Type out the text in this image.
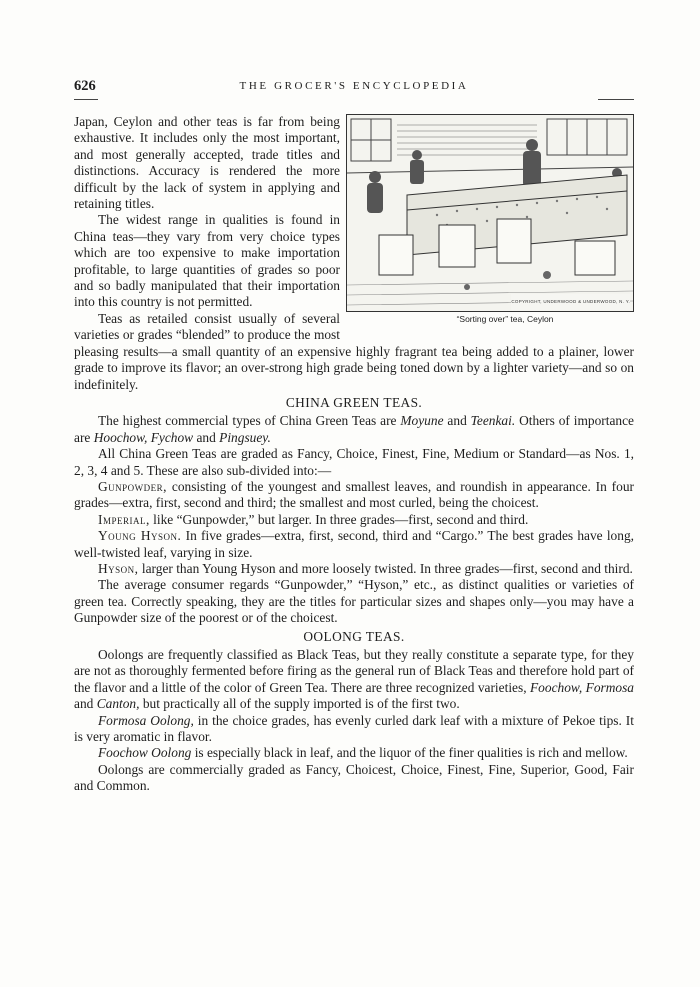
626	THE GROCER'S ENCYCLOPEDIA
COPYRIGHT, UNDERWOOD & UNDERWOOD, N. Y.
“Sorting over” tea, Ceylon

Japan, Ceylon and other teas is far from being exhaustive. It includes only the most important, and most generally accepted, trade titles and distinctions. Accuracy is rendered the more difficult by the lack of system in applying and retaining titles.

The widest range in qualities is found in China teas—they vary from very choice types which are too expensive to make importation profitable, to large quantities of grades so poor and so badly manipulated that their importation into this country is not permitted.

Teas as retailed consist usually of several varieties or grades “blended” to produce the most pleasing results—a small quantity of an expensive highly fragrant tea being added to a plainer, lower grade to improve its flavor; an over-strong high grade being toned down by a lighter variety—and so on indefinitely.

CHINA GREEN TEAS.

The highest commercial types of China Green Teas are Moyune and Teenkai. Others of importance are Hoochow, Fychow and Pingsuey.

All China Green Teas are graded as Fancy, Choice, Finest, Fine, Medium or Standard—as Nos. 1, 2, 3, 4 and 5. These are also sub-divided into:—

Gunpowder, consisting of the youngest and smallest leaves, and roundish in appearance. In four grades—extra, first, second and third; the smallest and most curled, being the choicest.

Imperial, like “Gunpowder,” but larger. In three grades—first, second and third.

Young Hyson. In five grades—extra, first, second, third and “Cargo.” The best grades have long, well-twisted leaf, varying in size.

Hyson, larger than Young Hyson and more loosely twisted. In three grades—first, second and third.

The average consumer regards “Gunpowder,” “Hyson,” etc., as distinct qualities or varieties of green tea. Correctly speaking, they are the titles for particular sizes and shapes only—you may have a Gunpowder size of the poorest or of the choicest.

OOLONG TEAS.

Oolongs are frequently classified as Black Teas, but they really constitute a separate type, for they are not as thoroughly fermented before firing as the general run of Black Teas and therefore hold part of the flavor and a little of the color of Green Tea. There are three recognized varieties, Foochow, Formosa and Canton, but practically all of the supply imported is of the first two.

Formosa Oolong, in the choice grades, has evenly curled dark leaf with a mixture of Pekoe tips. It is very aromatic in flavor.

Foochow Oolong is especially black in leaf, and the liquor of the finer qualities is rich and mellow.

Oolongs are commercially graded as Fancy, Choicest, Choice, Finest, Fine, Superior, Good, Fair and Common.
